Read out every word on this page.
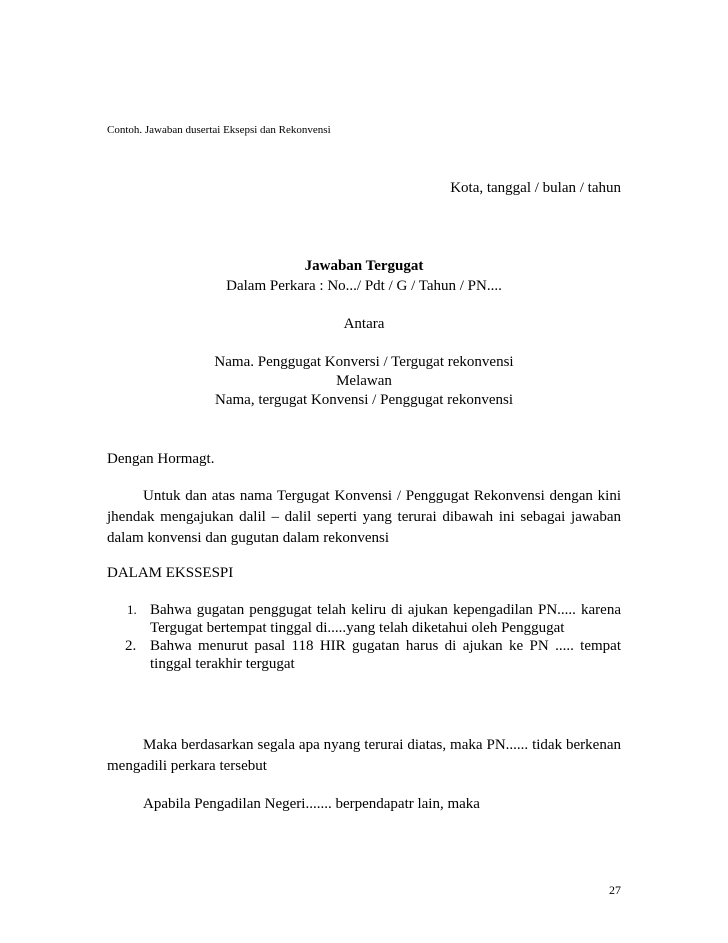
Contoh. Jawaban dusertai Eksepsi dan Rekonvensi
Kota, tanggal / bulan / tahun
Jawaban Tergugat
Dalam Perkara : No.../ Pdt / G / Tahun / PN....
Antara
Nama. Penggugat Konversi / Tergugat rekonvensi
Melawan
Nama, tergugat Konvensi / Penggugat rekonvensi
Dengan Hormagt.
Untuk dan atas nama Tergugat Konvensi / Penggugat Rekonvensi dengan kini jhendak mengajukan dalil – dalil seperti yang terurai dibawah ini sebagai jawaban dalam konvensi dan gugutan dalam rekonvensi
DALAM EKSSESPI
1. Bahwa gugatan penggugat telah keliru di ajukan kepengadilan PN..... karena Tergugat bertempat tinggal di.....yang telah diketahui oleh Penggugat
2. Bahwa menurut pasal 118 HIR gugatan harus di ajukan ke PN ..... tempat tinggal terakhir tergugat
Maka berdasarkan segala apa nyang terurai diatas, maka PN...... tidak berkenan mengadili perkara tersebut
Apabila Pengadilan Negeri....... berpendapatr lain, maka
27
